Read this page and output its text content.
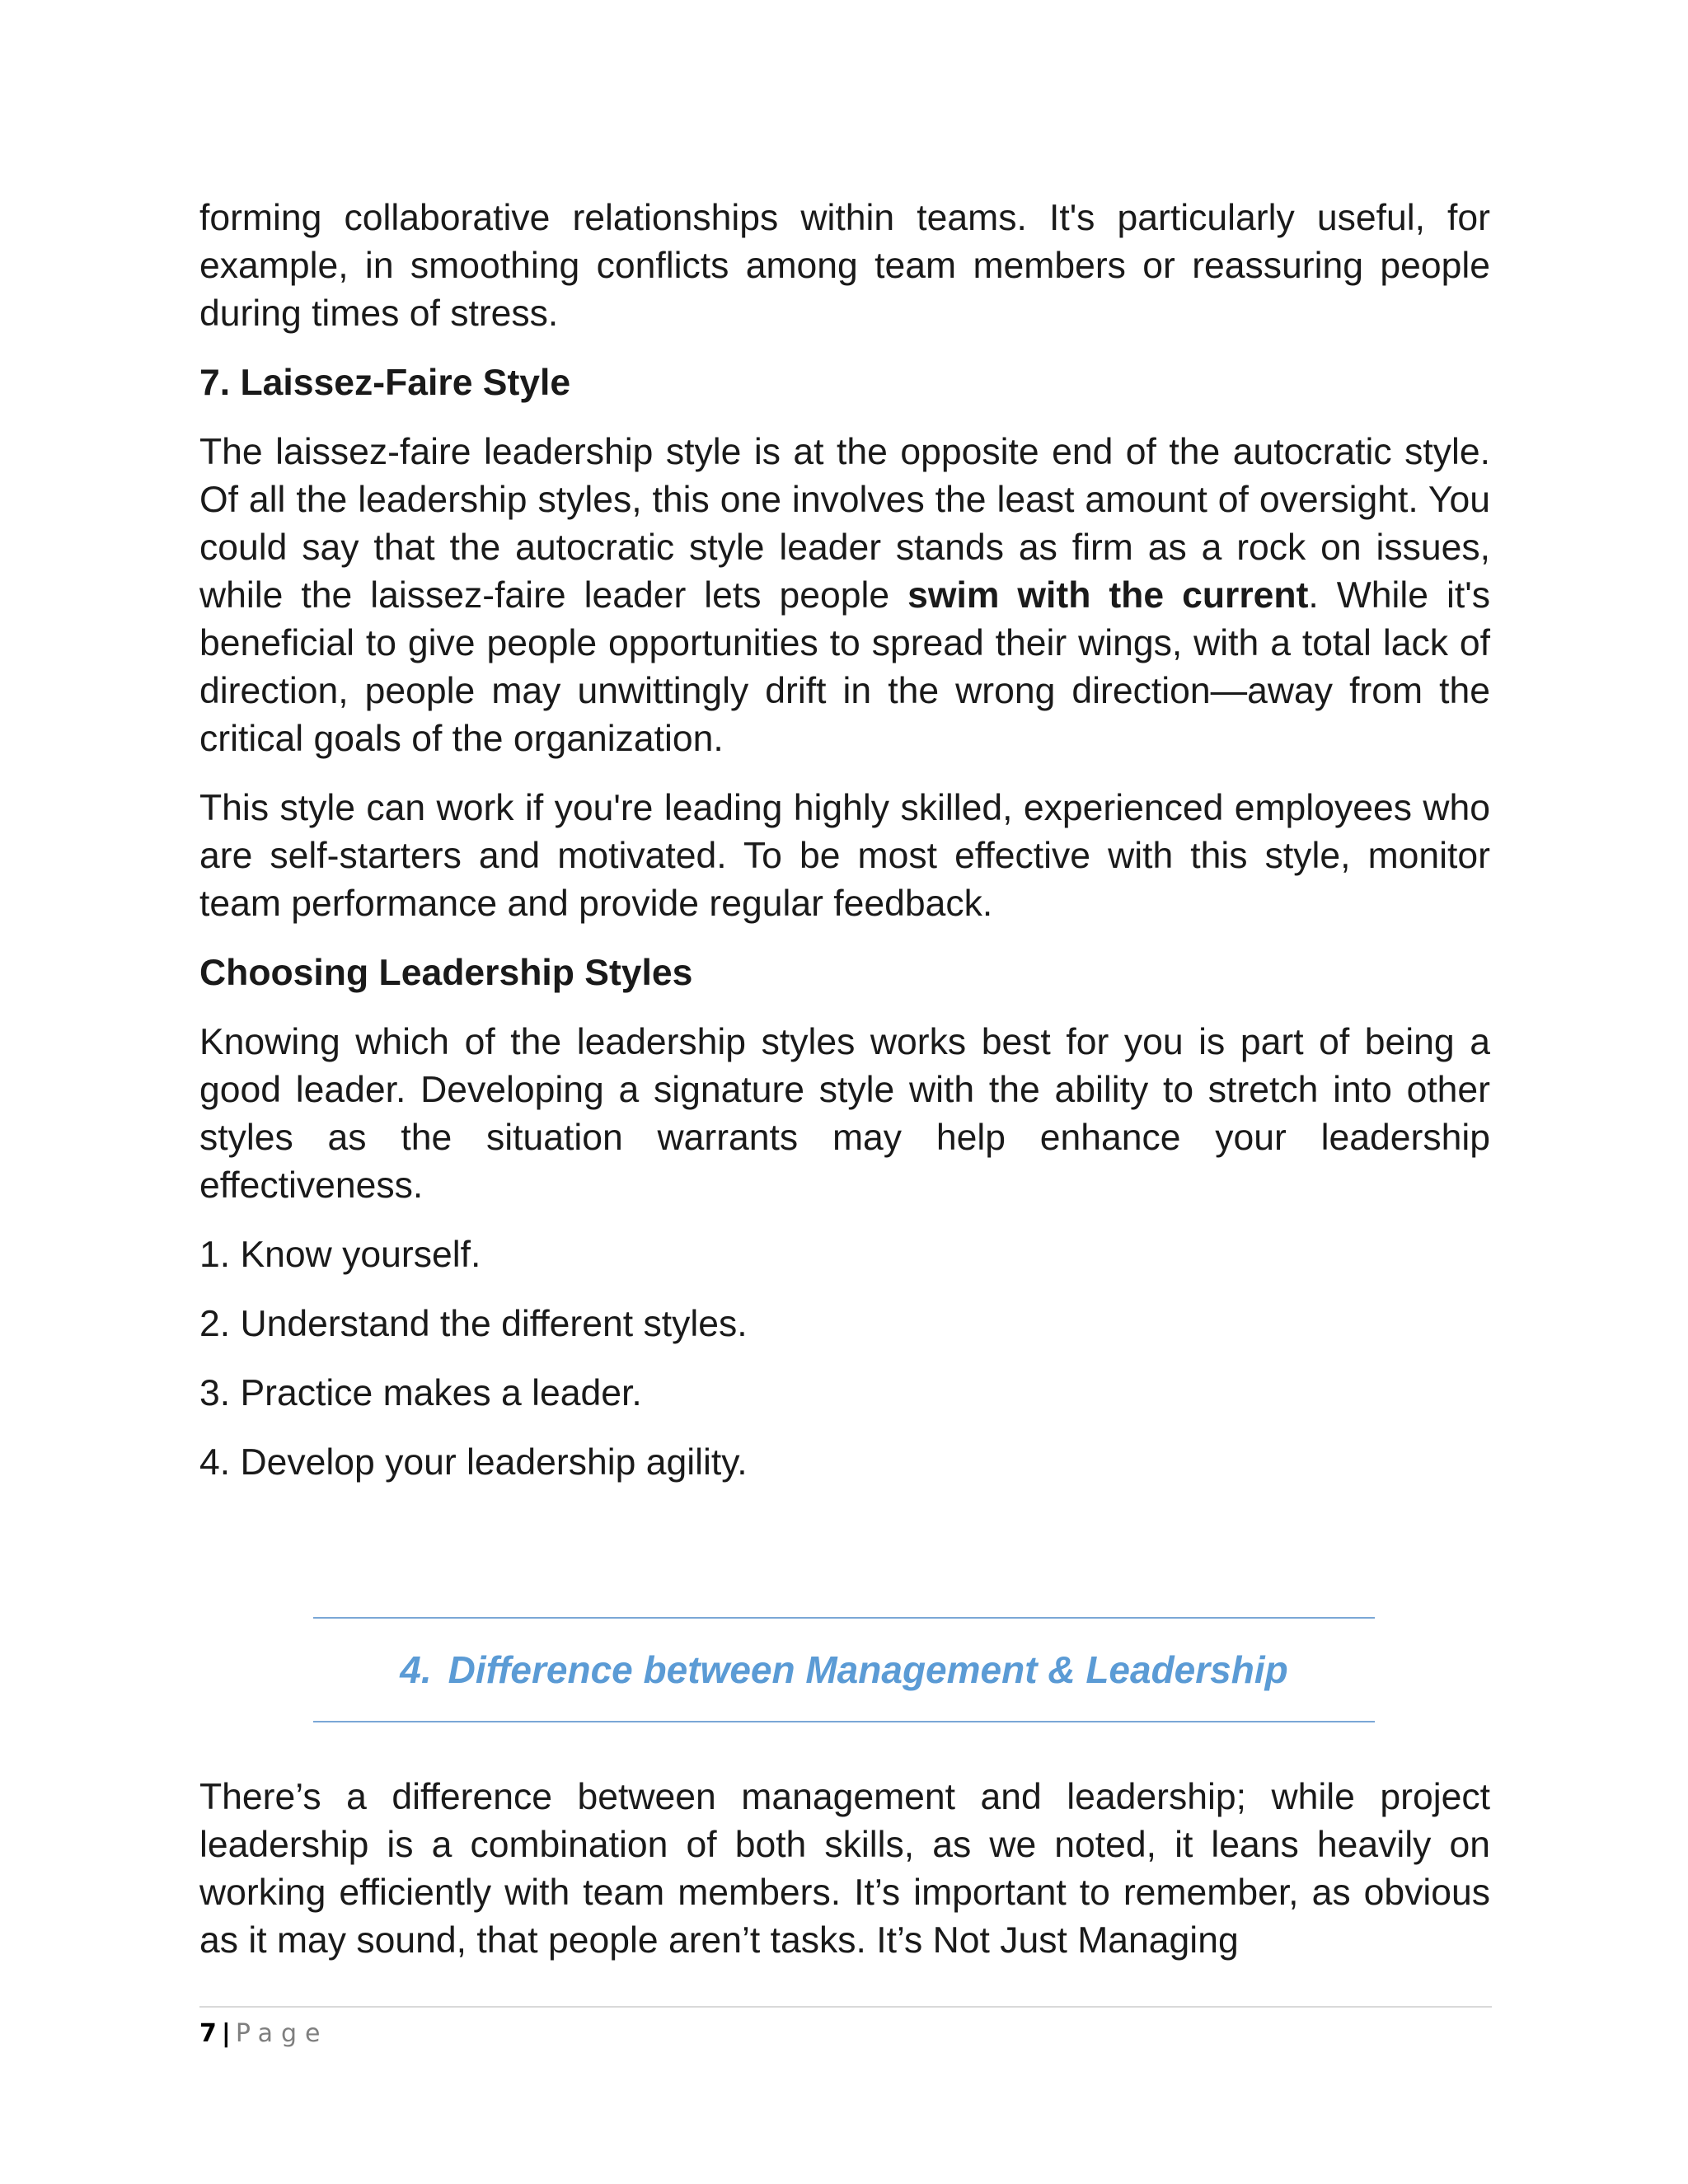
forming collaborative relationships within teams. It's particularly useful, for example, in smoothing conflicts among team members or reassuring people during times of stress.

7. Laissez-Faire Style

The laissez-faire leadership style is at the opposite end of the autocratic style. Of all the leadership styles, this one involves the least amount of oversight. You could say that the autocratic style leader stands as firm as a rock on issues, while the laissez-faire leader lets people swim with the current. While it's beneficial to give people opportunities to spread their wings, with a total lack of direction, people may unwittingly drift in the wrong direction—away from the critical goals of the organization.

This style can work if you're leading highly skilled, experienced employees who are self-starters and motivated. To be most effective with this style, monitor team performance and provide regular feedback.

Choosing Leadership Styles

Knowing which of the leadership styles works best for you is part of being a good leader. Developing a signature style with the ability to stretch into other styles as the situation warrants may help enhance your leadership effectiveness.

1. Know yourself.

2. Understand the different styles.

3. Practice makes a leader.

4. Develop your leadership agility.

4. Difference between Management & Leadership

There’s a difference between management and leadership; while project leadership is a combination of both skills, as we noted, it leans heavily on working efficiently with team members. It’s important to remember, as obvious as it may sound, that people aren’t tasks. It’s Not Just Managing

7 | Page
